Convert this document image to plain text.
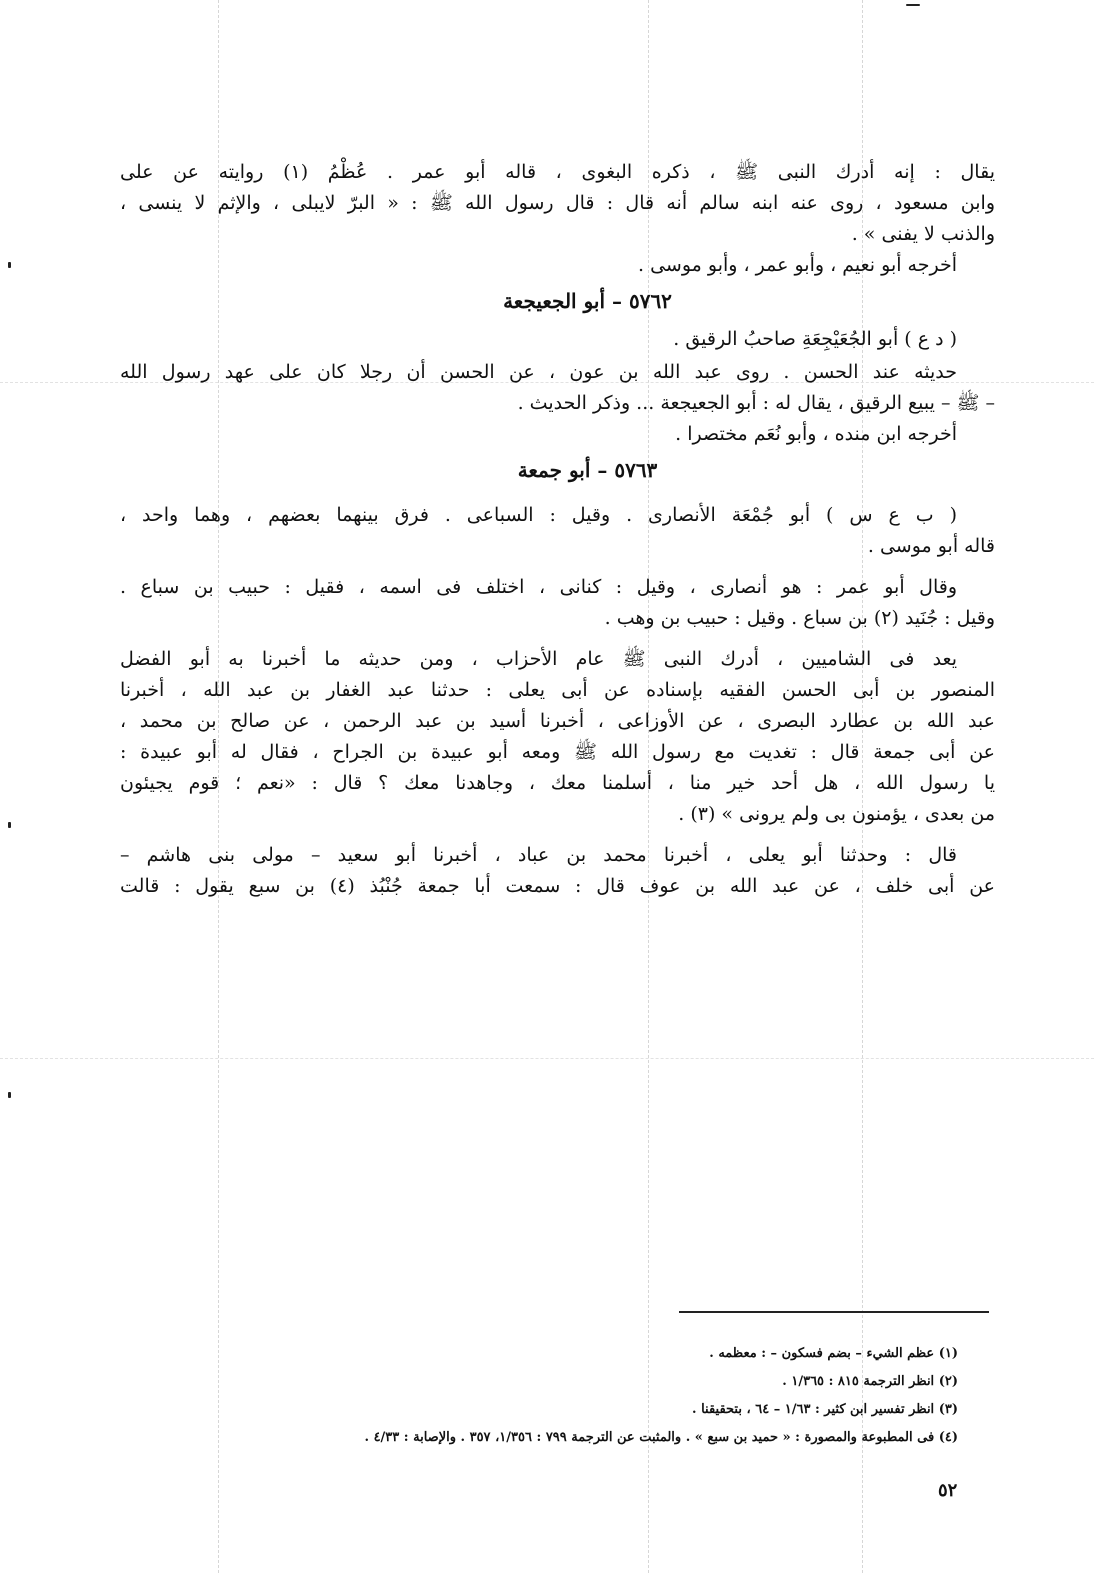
يقال : إنه أدرك النبى ﷺ ، ذكره البغوى ، قاله أبو عمر . عُظْمُ (١) روايته عن على
وابن مسعود ، روى عنه ابنه سالم أنه قال : قال رسول الله ﷺ : « البرّ لايبلى ، والإثم لا ينسى ،
والذنب لا يفنى » .
أخرجه أبو نعيم ، وأبو عمر ، وأبو موسى .
٥٧٦٢ – أبو الجعيجعة
( د ع ) أبو الجُعَيْجِعَةِ صاحبُ الرقيق .
حديثه عند الحسن . روى عبد الله بن عون ، عن الحسن أن رجلا كان على عهد رسول الله
– ﷺ – يبيع الرقيق ، يقال له : أبو الجعيجعة ... وذكر الحديث .
أخرجه ابن منده ، وأبو نُعَم مختصرا .
٥٧٦٣ – أبو جمعة
( ب ع س ) أبو جُمْعَة الأنصارى . وقيل : السباعى . فرق بينهما بعضهم ، وهما واحد ،
قاله أبو موسى .
وقال أبو عمر : هو أنصارى ، وقيل : كنانى ، اختلف فى اسمه ، فقيل : حبيب بن سباع .
وقيل : جُنَيد (٢) بن سباع . وقيل : حبيب بن وهب .
يعد فى الشاميين ، أدرك النبى ﷺ عام الأحزاب ، ومن حديثه ما أخبرنا به أبو الفضل
المنصور بن أبى الحسن الفقيه بإسناده عن أبى يعلى : حدثنا عبد الغفار بن عبد الله ، أخبرنا
عبد الله بن عطارد البصرى ، عن الأوزاعى ، أخبرنا أسيد بن عبد الرحمن ، عن صالح بن محمد ،
عن أبى جمعة قال : تغديت مع رسول الله ﷺ ومعه أبو عبيدة بن الجراح ، فقال له أبو عبيدة :
يا رسول الله ، هل أحد خير منا ، أسلمنا معك ، وجاهدنا معك ؟ قال : «نعم ؛ قوم يجيئون
من بعدى ، يؤمنون بى ولم يرونى » (٣) .
قال : وحدثنا أبو يعلى ، أخبرنا محمد بن عباد ، أخبرنا أبو سعيد – مولى بنى هاشم –
عن أبى خلف ، عن عبد الله بن عوف قال : سمعت أبا جمعة جُنْبُذ (٤) بن سبع يقول : قالت
(١) عظم الشيء – بضم فسكون – : معظمه .
(٢) انظر الترجمة ٨١٥ : ١/٣٦٥ .
(٣) انظر تفسير ابن كثير : ١/٦٣ – ٦٤ ، بتحقيقنا .
(٤) فى المطبوعة والمصورة : « حميد بن سبع » . والمثبت عن الترجمة ٧٩٩ : ١/٣٥٦، ٣٥٧ . والإصابة : ٤/٣٣ .
٥٢
